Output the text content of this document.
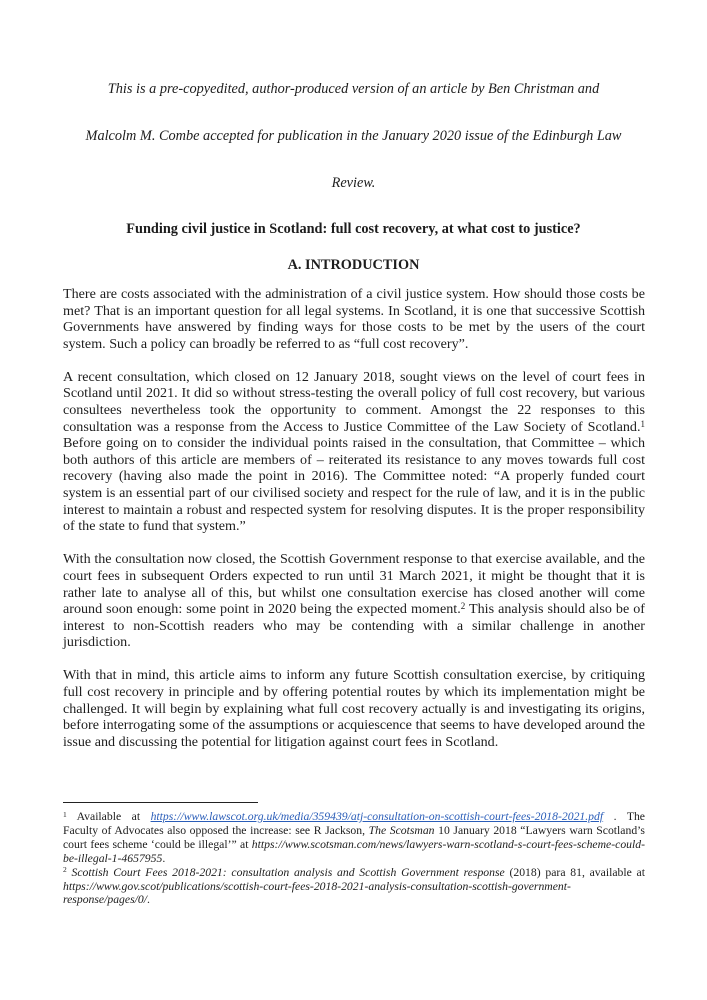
This is a pre-copyedited, author-produced version of an article by Ben Christman and
Malcolm M. Combe accepted for publication in the January 2020 issue of the Edinburgh Law
Review.
Funding civil justice in Scotland: full cost recovery, at what cost to justice?
A. INTRODUCTION

There are costs associated with the administration of a civil justice system. How should those costs be met? That is an important question for all legal systems. In Scotland, it is one that successive Scottish Governments have answered by finding ways for those costs to be met by the users of the court system. Such a policy can broadly be referred to as “full cost recovery”.

A recent consultation, which closed on 12 January 2018, sought views on the level of court fees in Scotland until 2021. It did so without stress-testing the overall policy of full cost recovery, but various consultees nevertheless took the opportunity to comment. Amongst the 22 responses to this consultation was a response from the Access to Justice Committee of the Law Society of Scotland.$^1$ Before going on to consider the individual points raised in the consultation, that Committee – which both authors of this article are members of – reiterated its resistance to any moves towards full cost recovery (having also made the point in 2016). The Committee noted: “A properly funded court system is an essential part of our civilised society and respect for the rule of law, and it is in the public interest to maintain a robust and respected system for resolving disputes. It is the proper responsibility of the state to fund that system.”

With the consultation now closed, the Scottish Government response to that exercise available, and the court fees in subsequent Orders expected to run until 31 March 2021, it might be thought that it is rather late to analyse all of this, but whilst one consultation exercise has closed another will come around soon enough: some point in 2020 being the expected moment.$^2$ This analysis should also be of interest to non-Scottish readers who may be contending with a similar challenge in another jurisdiction.

With that in mind, this article aims to inform any future Scottish consultation exercise, by critiquing full cost recovery in principle and by offering potential routes by which its implementation might be challenged. It will begin by explaining what full cost recovery actually is and investigating its origins, before interrogating some of the assumptions or acquiescence that seems to have developed around the issue and discussing the potential for litigation against court fees in Scotland.

$^1$ Available at https://www.lawscot.org.uk/media/359439/atj-consultation-on-scottish-court-fees-2018-2021.pdf . The Faculty of Advocates also opposed the increase: see R Jackson, The Scotsman 10 January 2018 “Lawyers warn Scotland’s court fees scheme ‘could be illegal’” at https://www.scotsman.com/news/lawyers-warn-scotland-s-court-fees-scheme-could-be-illegal-1-4657955.

$^2$ Scottish Court Fees 2018-2021: consultation analysis and Scottish Government response (2018) para 81, available at https://www.gov.scot/publications/scottish-court-fees-2018-2021-analysis-consultation-scottish-government-response/pages/0/.
